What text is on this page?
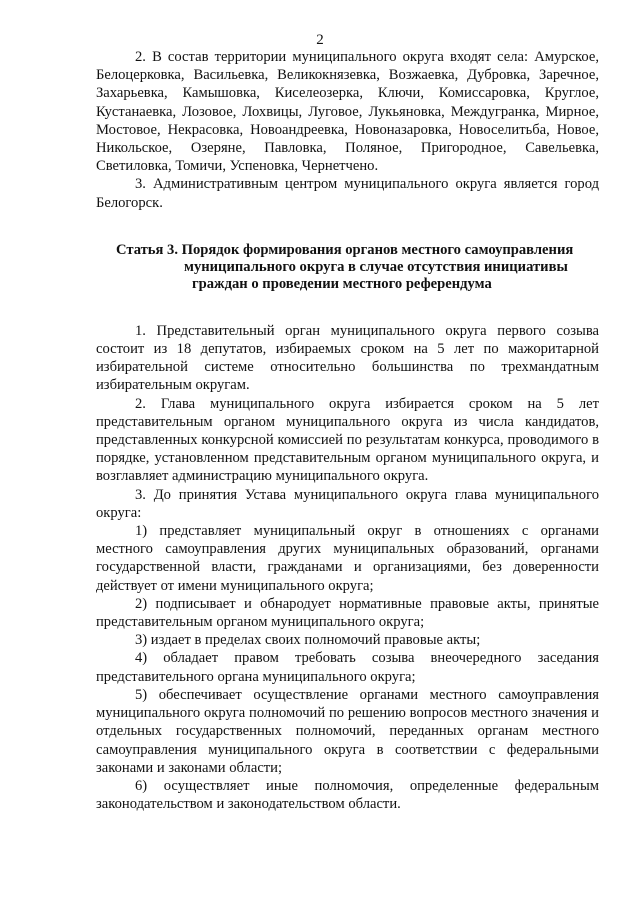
2

2. В состав территории муниципального округа входят села: Амурское, Белоцерковка, Васильевка, Великокнязевка, Возжаевка, Дубровка, Заречное, Захарьевка, Камышовка, Киселеозерка, Ключи, Комиссаровка, Круглое, Кустанаевка, Лозовое, Лохвицы, Луговое, Лукьяновка, Междугранка, Мирное, Мостовое, Некрасовка, Новоандреевка, Новоназаровка, Новоселитьба, Новое, Никольское, Озеряне, Павловка, Поляное, Пригородное, Савельевка, Светиловка, Томичи, Успеновка, Чернетчено.

3. Административным центром муниципального округа является город Белогорск.

Статья 3. Порядок формирования органов местного самоуправления
муниципального округа в случае отсутствия инициативы
граждан о проведении местного референдума

1. Представительный орган муниципального округа первого созыва состоит из 18 депутатов, избираемых сроком на 5 лет по мажоритарной избирательной системе относительно большинства по трехмандатным избирательным округам.

2. Глава муниципального округа избирается сроком на 5 лет представительным органом муниципального округа из числа кандидатов, представленных конкурсной комиссией по результатам конкурса, проводимого в порядке, установленном представительным органом муниципального округа, и возглавляет администрацию муниципального округа.

3. До принятия Устава муниципального округа глава муниципального округа:

1) представляет муниципальный округ в отношениях с органами местного самоуправления других муниципальных образований, органами государственной власти, гражданами и организациями, без доверенности действует от имени муниципального округа;

2) подписывает и обнародует нормативные правовые акты, принятые представительным органом муниципального округа;

3) издает в пределах своих полномочий правовые акты;

4) обладает правом требовать созыва внеочередного заседания представительного органа муниципального округа;

5) обеспечивает осуществление органами местного самоуправления муниципального округа полномочий по решению вопросов местного значения и отдельных государственных полномочий, переданных органам местного самоуправления муниципального округа в соответствии с федеральными законами и законами области;

6) осуществляет иные полномочия, определенные федеральным законодательством и законодательством области.
